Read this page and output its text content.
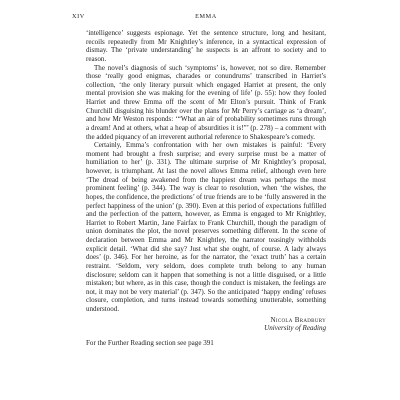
XIV	EMMA

‘intelligence’ suggests espionage. Yet the sentence structure, long and hesitant, recoils repeatedly from Mr Knightley’s inference, in a syntactical expression of dismay. The ‘private understanding’ he suspects is an affront to society and to reason.

The novel’s diagnosis of such ‘symptoms’ is, however, not so dire. Remember those ‘really good enigmas, charades or conundrums’ transcribed in Harriet’s collection, ‘the only literary pursuit which engaged Harriet at present, the only mental provision she was making for the evening of life’ (p. 55): how they fooled Harriet and threw Emma off the scent of Mr Elton’s pursuit. Think of Frank Churchill disguising his blunder over the plans for Mr Perry’s carriage as ‘a dream’, and how Mr Weston responds: ‘“What an air of probability sometimes runs through a dream! And at others, what a heap of absurdities it is!”’ (p. 278) – a comment with the added piquancy of an irreverent authorial reference to Shakespeare’s comedy.

Certainly, Emma’s confrontation with her own mistakes is painful: ‘Every moment had brought a fresh surprise; and every surprise must be a matter of humiliation to her’ (p. 331). The ultimate surprise of Mr Knightley’s proposal, however, is triumphant. At last the novel allows Emma relief, although even here ‘The dread of being awakened from the happiest dream was perhaps the most prominent feeling’ (p. 344). The way is clear to resolution, when ‘the wishes, the hopes, the confidence, the predictions’ of true friends are to be ‘fully answered in the perfect happiness of the union’ (p. 390). Even at this period of expectations fulfilled and the perfection of the pattern, however, as Emma is engaged to Mr Knightley, Harriet to Robert Martin, Jane Fairfax to Frank Churchill, though the paradigm of union dominates the plot, the novel preserves something different. In the scene of declaration between Emma and Mr Knightley, the narrator teasingly withholds explicit detail. ‘What did she say? Just what she ought, of course. A lady always does’ (p. 346). For her heroine, as for the narrator, the ‘exact truth’ has a certain restraint. ‘Seldom, very seldom, does complete truth belong to any human disclosure; seldom can it happen that something is not a little disguised, or a little mistaken; but where, as in this case, though the conduct is mistaken, the feelings are not, it may not be very material’ (p. 347). So the anticipated ‘happy ending’ refuses closure, completion, and turns instead towards something unutterable, something understood.

Nicola Bradbury
University of Reading
For the Further Reading section see page 391
